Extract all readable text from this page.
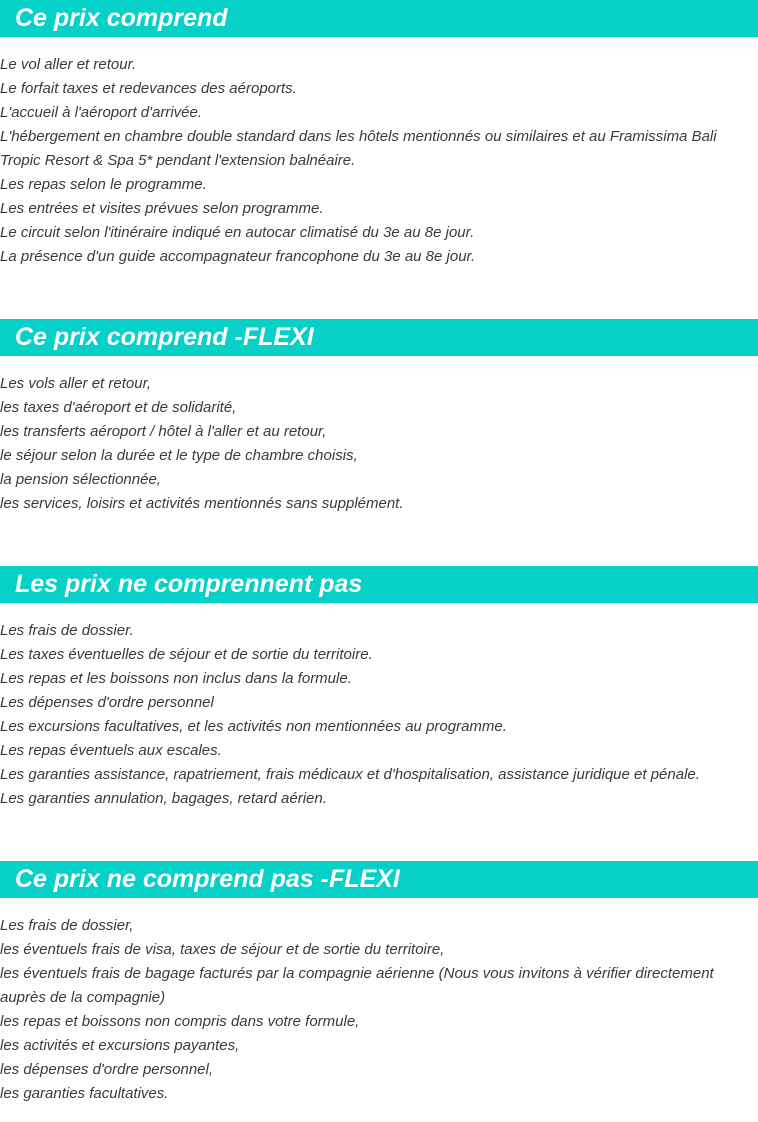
Ce prix comprend
Le vol aller et retour.
Le forfait taxes et redevances des aéroports.
L'accueil à l'aéroport d'arrivée.
L'hébergement en chambre double standard dans les hôtels mentionnés ou similaires et au Framissima Bali Tropic Resort & Spa 5* pendant l'extension balnéaire.
Les repas selon le programme.
Les entrées et visites prévues selon programme.
Le circuit selon l'itinéraire indiqué en autocar climatisé du 3e au 8e jour.
La présence d'un guide accompagnateur francophone du 3e au 8e jour.
Ce prix comprend -FLEXI
Les vols aller et retour,
les taxes d'aéroport et de solidarité,
les transferts aéroport / hôtel à l'aller et au retour,
le séjour selon la durée et le type de chambre choisis,
la pension sélectionnée,
les services, loisirs et activités mentionnés sans supplément.
Les prix ne comprennent pas
Les frais de dossier.
Les taxes éventuelles de séjour et de sortie du territoire.
Les repas et les boissons non inclus dans la formule.
Les dépenses d'ordre personnel
Les excursions facultatives, et les activités non mentionnées au programme.
Les repas éventuels aux escales.
Les garanties assistance, rapatriement, frais médicaux et d'hospitalisation, assistance juridique et pénale.
Les garanties annulation, bagages, retard aérien.
Ce prix ne comprend pas -FLEXI
Les frais de dossier,
les éventuels frais de visa, taxes de séjour et de sortie du territoire,
les éventuels frais de bagage facturés par la compagnie aérienne (Nous vous invitons à vérifier directement auprès de la compagnie)
les repas et boissons non compris dans votre formule,
les activités et excursions payantes,
les dépenses d'ordre personnel,
les garanties facultatives.
